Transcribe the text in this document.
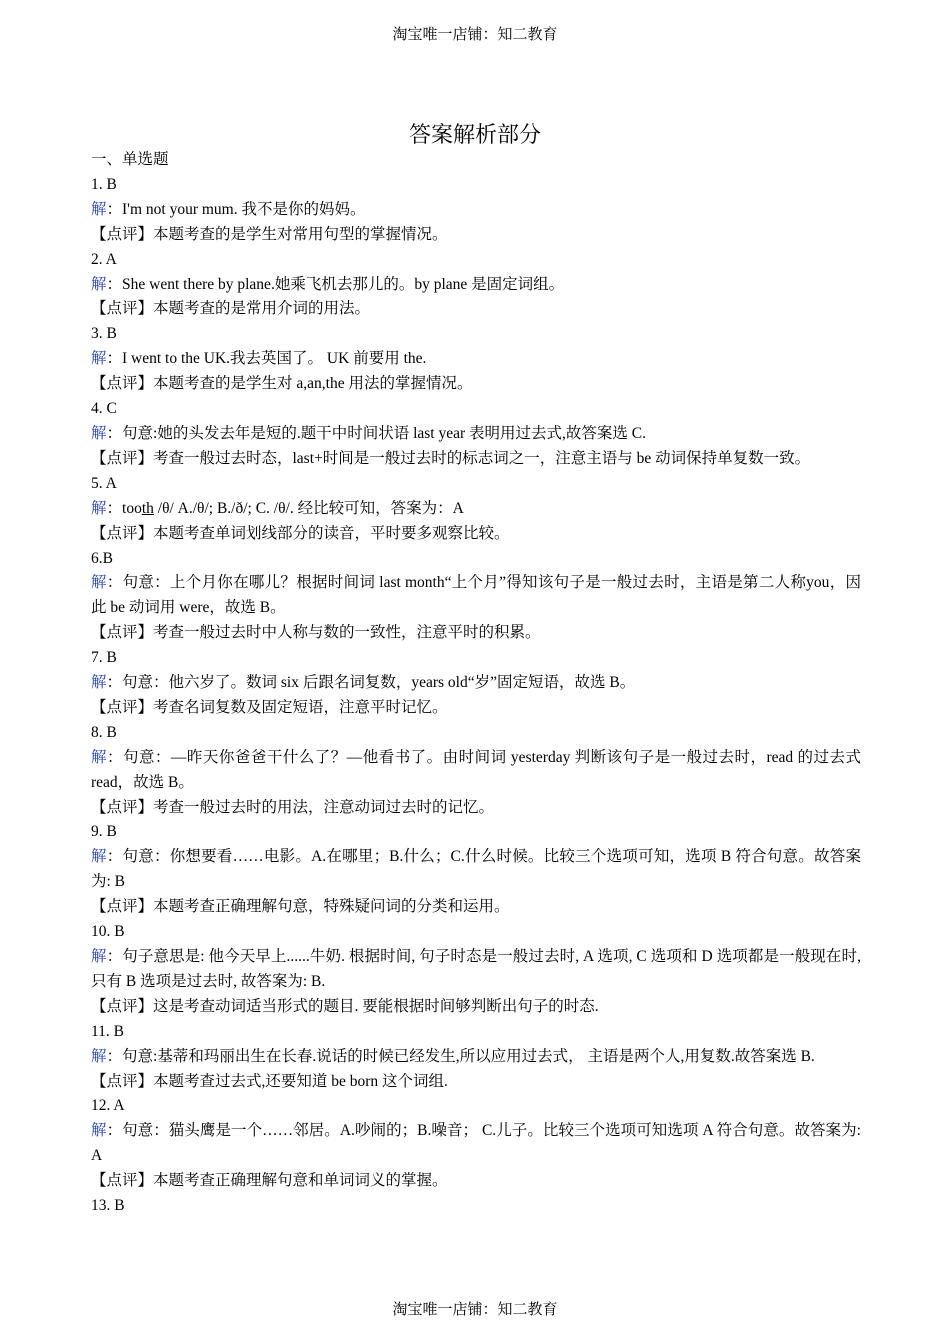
淘宝唯一店铺：知二教育
答案解析部分
一、单选题
1. B
解：I'm not your mum. 我不是你的妈妈。
【点评】本题考查的是学生对常用句型的掌握情况。
2. A
解：She went there by plane.她乘飞机去那儿的。by plane 是固定词组。
【点评】本题考查的是常用介词的用法。
3. B
解：I went to the UK.我去英国了。 UK 前要用 the.
【点评】本题考查的是学生对 a,an,the 用法的掌握情况。
4. C
解：句意:她的头发去年是短的.题干中时间状语 last year 表明用过去式,故答案选 C.
【点评】考查一般过去时态，last+时间是一般过去时的标志词之一，注意主语与 be 动词保持单复数一致。
5. A
解：tooth /θ/ A./θ/; B./ð/; C. /θ/. 经比较可知，答案为：A
【点评】本题考查单词划线部分的读音，平时要多观察比较。
6.B
解：句意：上个月你在哪儿？根据时间词 last month“上个月”得知该句子是一般过去时，主语是第二人称you，因此 be 动词用 were，故选 B。
【点评】考查一般过去时中人称与数的一致性，注意平时的积累。
7. B
解：句意：他六岁了。数词 six 后跟名词复数，years old“岁”固定短语，故选 B。
【点评】考查名词复数及固定短语，注意平时记忆。
8. B
解：句意：—昨天你爸爸干什么了？—他看书了。由时间词 yesterday 判断该句子是一般过去时，read 的过去式 read，故选 B。
【点评】考查一般过去时的用法，注意动词过去时的记忆。
9. B
解：句意：你想要看……电影。A.在哪里；B.什么；C.什么时候。比较三个选项可知，选项 B 符合句意。故答案为: B
【点评】本题考查正确理解句意，特殊疑问词的分类和运用。
10. B
解：句子意思是: 他今天早上......牛奶. 根据时间, 句子时态是一般过去时, A 选项, C 选项和 D 选项都是一般现在时, 只有 B 选项是过去时, 故答案为: B.
【点评】这是考查动词适当形式的题目. 要能根据时间够判断出句子的时态.
11. B
解：句意:基蒂和玛丽出生在长春.说话的时候已经发生,所以应用过去式， 主语是两个人,用复数.故答案选 B.
【点评】本题考查过去式,还要知道 be born 这个词组.
12. A
解：句意：猫头鹰是一个……邻居。A.吵闹的；B.噪音； C.儿子。比较三个选项可知选项 A 符合句意。故答案为: A
【点评】本题考查正确理解句意和单词词义的掌握。
13. B
淘宝唯一店铺：知二教育
